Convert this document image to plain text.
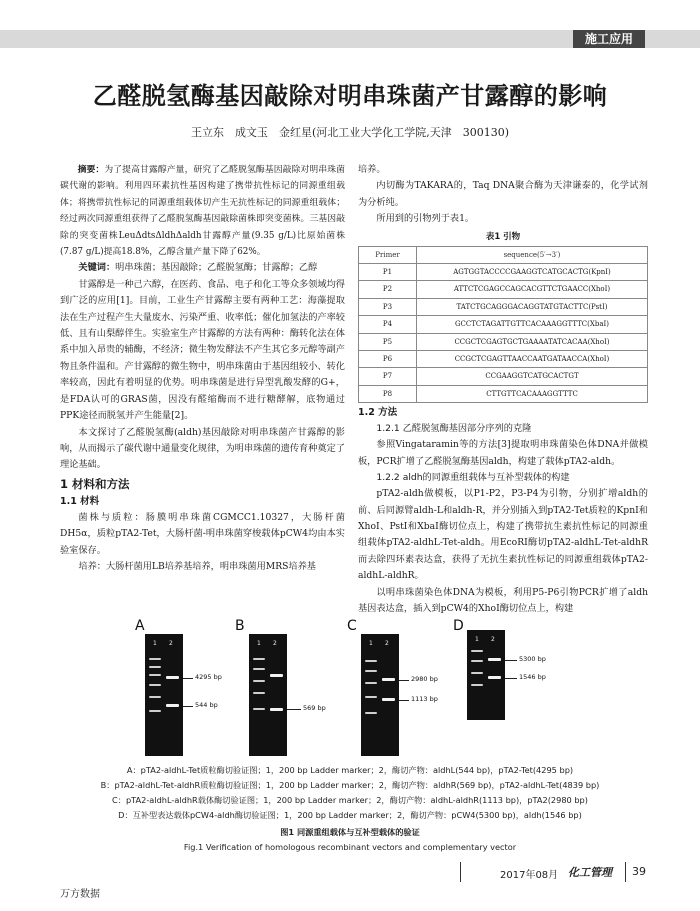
施工应用
乙醛脱氢酶基因敲除对明串珠菌产甘露醇的影响
王立东　成文玉　金红星(河北工业大学化工学院,天津　300130)
摘要：为了提高甘露醇产量，研究了乙醛脱氢酶基因敲除对明串珠菌碳代谢的影响。利用四环素抗性基因构建了携带抗性标记的同源重组载体；将携带抗性标记的同源重组载体切产生无抗性标记的同源重组载体；经过两次同源重组获得了乙醛脱氢酶基因敲除菌株即突变菌株。三基因敲除的突变菌株LeuΔdtsΔldhΔaldh甘露醇产量(9.35 g/L)比原始菌株(7.87 g/L)提高18.8%，乙醇含量产量下降了62%。
关键词：明串珠菌；基因敲除；乙醛脱氢酶；甘露醇；乙醇
甘露醇是一种己六醇，在医药、食品、电子和化工等众多领域均得到广泛的应用[1]。目前，工业生产甘露醇主要有两种工艺：海藻提取法在生产过程产生大量废水、污染严重、收率低；催化加氢法的产率较低、且有山梨醇伴生。实验室生产甘露醇的方法有两种：酶转化法在体系中加入昂贵的辅酶，不经济；微生物发酵法不产生其它多元醇等副产物且条件温和。产甘露醇的微生物中，明串珠菌由于基因组较小、转化率较高，因此有着明显的优势。明串珠菌是进行异型乳酸发酵的G+，是FDA认可的GRAS菌，因没有醛缩酶而不进行糖酵解，底物通过PPK途径而脱氢并产生能量[2]。
本文探讨了乙醛脱氢酶(aldh)基因敲除对明串珠菌产甘露醇的影响，从而揭示了碳代谢中通量变化规律，为明串珠菌的遗传育种奠定了理论基础。
1 材料和方法
1.1 材料
菌株与质粒：肠膜明串珠菌CGMCC1.10327，大肠杆菌DH5α，质粒pTA2-Tet，大肠杆菌-明串珠菌穿梭载体pCW4均由本实验室保存。
培养：大肠杆菌用LB培养基培养，明串珠菌用MRS培养基
培养。
内切酶为TAKARA的，Taq DNA聚合酶为天津谦泰的，化学试剂为分析纯。
所用到的引物列于表1。
表1 引物
Primer	sequence(5′→3′)
P1	AGTGGTACCCCGAAGGTCATGCACTG(KpnI)
P2	ATTCTCGAGCCAGCACGTTCTGAACC(XhoI)
P3	TATCTGCAGGGACAGGTATGTACTTC(PstI)
P4	GCCTCTAGATTGTTCACAAAGGTTTC(XbaI)
P5	CCGCTCGAGTGCTGAAAATATCACAA(XhoI)
P6	CCGCTCGAGTTAACCAATGATAACCA(XhoI)
P7	CCGAAGGTCATGCACTGT
P8	CTTGTTCACAAAGGTTTC
1.2 方法
1.2.1 乙醛脱氢酶基因部分序列的克隆
参照Vingataramin等的方法[3]提取明串珠菌染色体DNA并做模板，PCR扩增了乙醛脱氢酶基因aldh，构建了载体pTA2-aldh。
1.2.2 aldh的同源重组载体与互补型载体的构建
pTA2-aldh做模板，以P1-P2，P3-P4为引物，分别扩增aldh的前、后同源臂aldh-L和aldh-R，并分别插入到pTA2-Tet质粒的KpnI和XhoI、PstI和XbaI酶切位点上，构建了携带抗生素抗性标记的同源重组载体pTA2-aldhL-Tet-aldh。用EcoRI酶切pTA2-aldhL-Tet-aldhR而去除四环素表达盒，获得了无抗生素抗性标记的同源重组载体pTA2-aldhL-aldhR。
以明串珠菌染色体DNA为模板，利用P5-P6引物PCR扩增了aldh基因表达盒，插入到pCW4的XhoI酶切位点上，构建
A
1 2
4295 bp
544 bp
B
1 2
569 bp
C
1 2
2980 bp
1113 bp
D
1 2
5300 bp
1546 bp
A：pTA2-aldhL-Tet质粒酶切验证图；1，200 bp Ladder marker；2，酶切产物：aldhL(544 bp)，pTA2-Tet(4295 bp)
B：pTA2-aldhL-Tet-aldhR质粒酶切验证图；1，200 bp Ladder marker；2，酶切产物：aldhR(569 bp)，pTA2-aldhL-Tet(4839 bp)
C：pTA2-aldhL-aldhR载体酶切验证图；1，200 bp Ladder marker；2，酶切产物：aldhL-aldhR(1113 bp)，pTA2(2980 bp)
D：互补型表达载体pCW4-aldh酶切验证图；1，200 bp Ladder marker；2，酶切产物：pCW4(5300 bp)，aldh(1546 bp)
图1 同源重组载体与互补型载体的验证
Fig.1 Verification of homologous recombinant vectors and complementary vector
2017年08月 化工管理 39
万方数据
